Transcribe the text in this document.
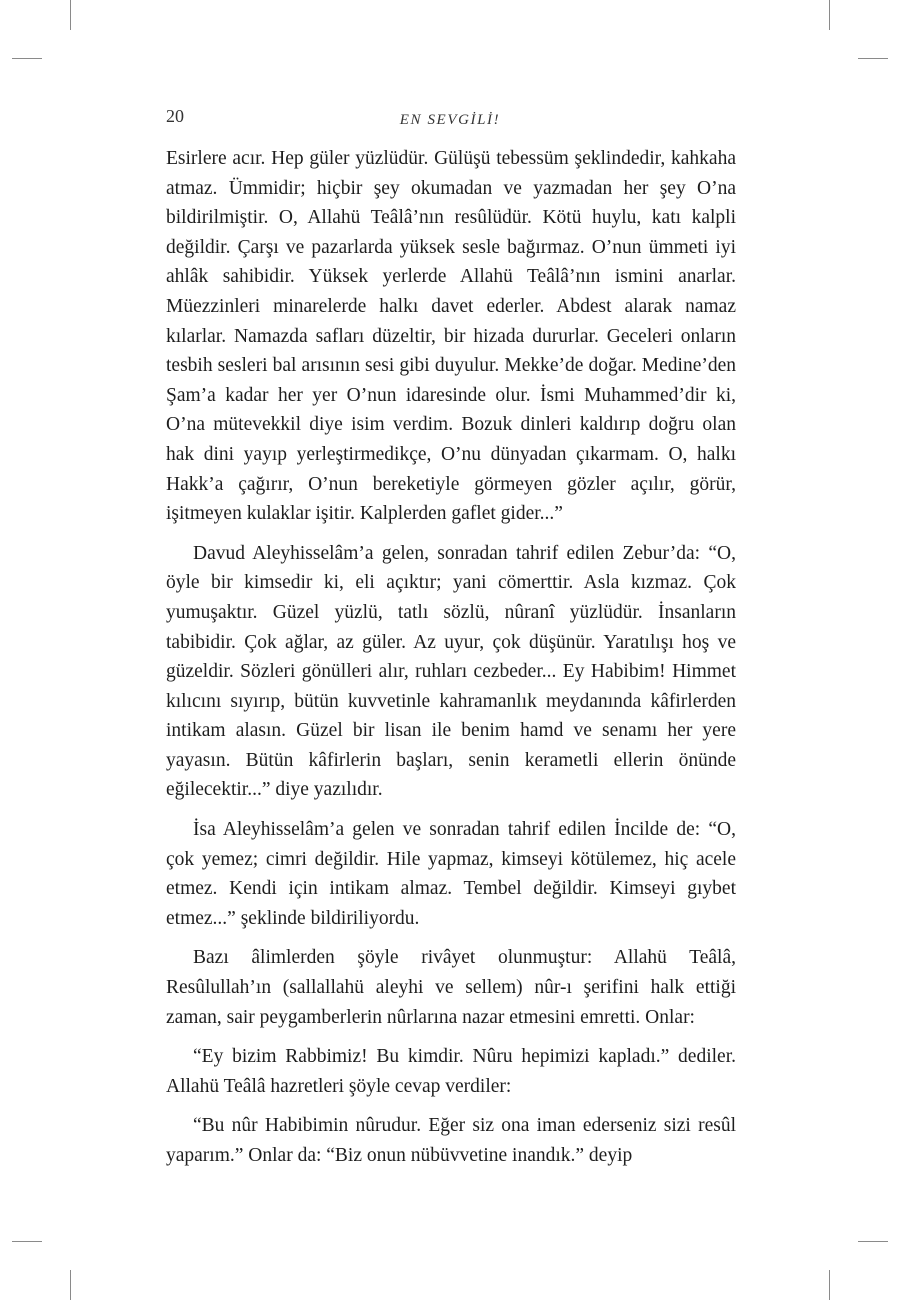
20	EN SEVGİLİ!

Esirlere acır. Hep güler yüzlüdür. Gülüşü tebessüm şeklindedir, kahkaha atmaz. Ümmidir; hiçbir şey okumadan ve yazmadan her şey O’na bildirilmiştir. O, Allahü Teâlâ’nın resûlüdür. Kötü huylu, katı kalpli değildir. Çarşı ve pazarlarda yüksek sesle bağırmaz. O’nun ümmeti iyi ahlâk sahibidir. Yüksek yerlerde Allahü Teâlâ’nın ismini anarlar. Müezzinleri minarelerde halkı davet ederler. Abdest alarak namaz kılarlar. Namazda safları düzeltir, bir hizada dururlar. Geceleri onların tesbih sesleri bal arısının sesi gibi duyulur. Mekke’de doğar. Medine’den Şam’a kadar her yer O’nun idaresinde olur. İsmi Muhammed’dir ki, O’na mütevekkil diye isim verdim. Bozuk dinleri kaldırıp doğru olan hak dini yayıp yerleştirmedikçe, O’nu dünyadan çıkarmam. O, halkı Hakk’a çağırır, O’nun bereketiyle görmeyen gözler açılır, görür, işitmeyen kulaklar işitir. Kalplerden gaflet gider...”

Davud Aleyhisselâm’a gelen, sonradan tahrif edilen Zebur’da: “O, öyle bir kimsedir ki, eli açıktır; yani cömerttir. Asla kızmaz. Çok yumuşaktır. Güzel yüzlü, tatlı sözlü, nûranî yüzlüdür. İnsanların tabibidir. Çok ağlar, az güler. Az uyur, çok düşünür. Yaratılışı hoş ve güzeldir. Sözleri gönülleri alır, ruhları cezbeder... Ey Habibim! Himmet kılıcını sıyırıp, bütün kuvvetinle kahramanlık meydanında kâfirlerden intikam alasın. Güzel bir lisan ile benim hamd ve senamı her yere yayasın. Bütün kâfirlerin başları, senin kerametli ellerin önünde eğilecektir...” diye yazılıdır.

İsa Aleyhisselâm’a gelen ve sonradan tahrif edilen İncilde de: “O, çok yemez; cimri değildir. Hile yapmaz, kimseyi kötülemez, hiç acele etmez. Kendi için intikam almaz. Tembel değildir. Kimseyi gıybet etmez...” şeklinde bildiriliyordu.

Bazı âlimlerden şöyle rivâyet olunmuştur: Allahü Teâlâ, Resûlullah’ın (sallallahü aleyhi ve sellem) nûr-ı şerifini halk ettiği zaman, sair peygamberlerin nûrlarına nazar etmesini emretti. Onlar:

“Ey bizim Rabbimiz! Bu kimdir. Nûru hepimizi kapladı.” dediler. Allahü Teâlâ hazretleri şöyle cevap verdiler:

“Bu nûr Habibimin nûrudur. Eğer siz ona iman ederseniz sizi resûl yaparım.” Onlar da: “Biz onun nübüvvetine inandık.” deyip
